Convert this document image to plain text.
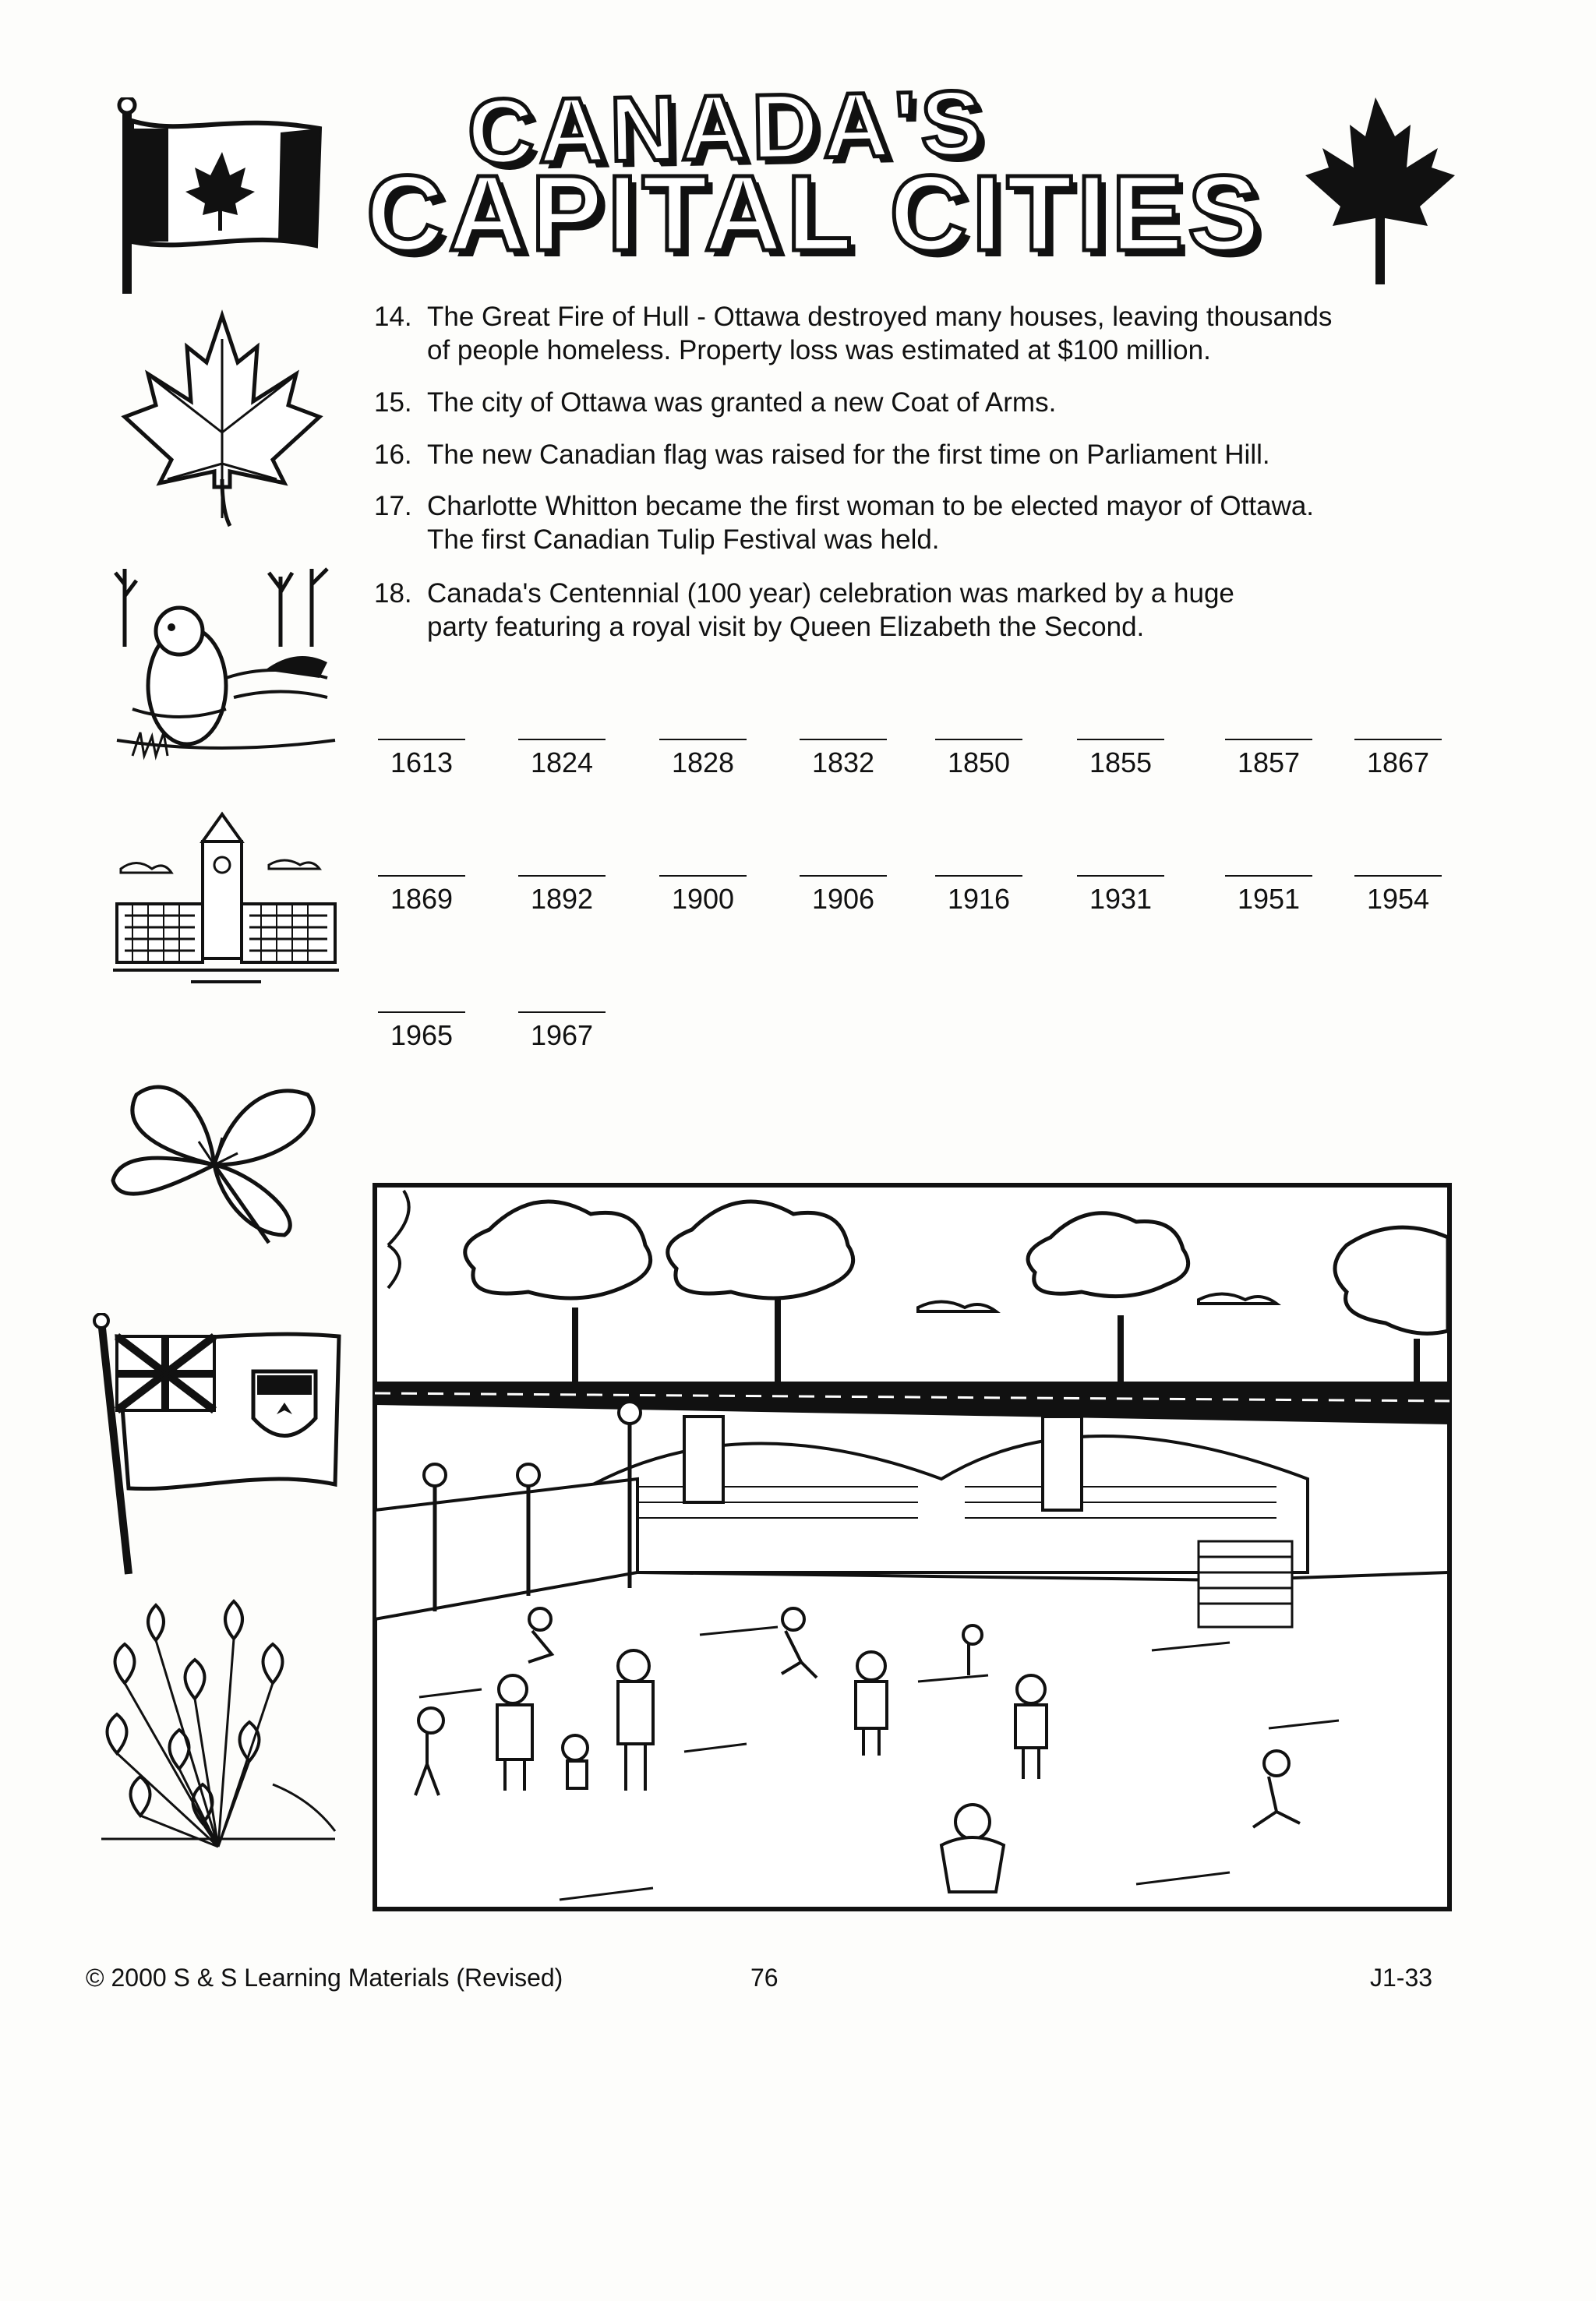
CANADA'S
CAPITAL CITIES
14. The Great Fire of Hull - Ottawa destroyed many houses, leaving thousands
of people homeless. Property loss was estimated at $100 million.
15. The city of Ottawa was granted a new Coat of Arms.
16. The new Canadian flag was raised for the first time on Parliament Hill.
17. Charlotte Whitton became the first woman to be elected mayor of Ottawa.
The first Canadian Tulip Festival was held.
18. Canada's Centennial (100 year) celebration was marked by a huge
party featuring a royal visit by Queen Elizabeth the Second.
1613	1824	1828	1832	1850	1855	1857	1867
1869	1892	1900	1906	1916	1931	1951	1954
1965	1967
© 2000 S & S Learning Materials (Revised)	76	J1-33
